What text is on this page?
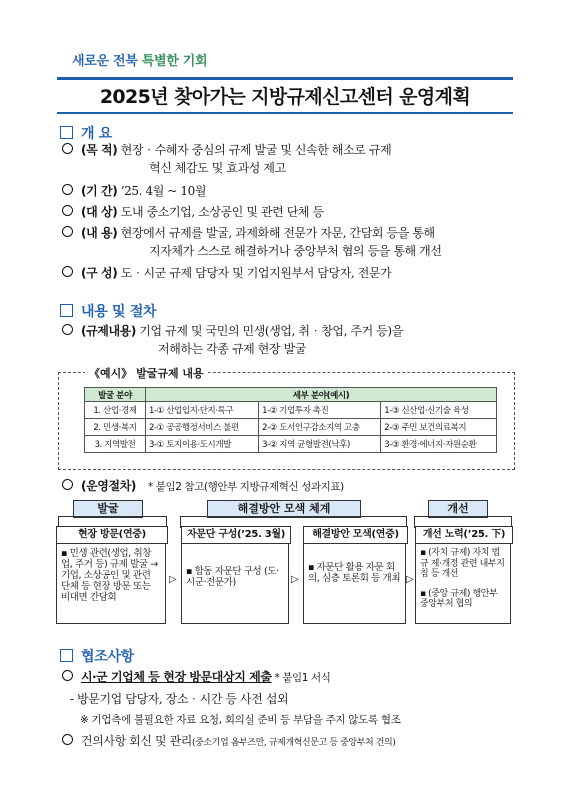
새로운 전북 특별한 기회
2025년 찾아가는 지방규제신고센터 운영계획
개 요
(목 적) 현장‧수혜자 중심의 규제 발굴 및 신속한 해소로 규제
혁신 체감도 및 효과성 제고
(기 간) ’25. 4월 ~ 10월
(대 상) 도내 중소기업, 소상공인 및 관련 단체 등
(내 용) 현장에서 규제를 발굴, 과제화해 전문가 자문, 간담회 등을 통해
지자체가 스스로 해결하거나 중앙부처 협의 등을 통해 개선
(구 성) 도‧시군 규제 담당자 및 기업지원부서 담당자, 전문가
내용 및 절차
(규제내용) 기업 규제 및 국민의 민생(생업, 취‧창업, 주거 등)을
저해하는 각종 규제 현장 발굴
《예시》 발굴규제 내용
발굴 분야	세부 분야(예시)		
1. 산업‧경제	1-① 산업입지‧단지‧특구	1-② 기업투자 촉진	1-③ 신산업‧신기술 육성
2. 민생‧복지	2-① 공공행정서비스 불편	2-② 도서인구감소지역 고충	2-③ 주민 보건의료복지
3. 지역발전	3-① 토지이용‧도시개발	3-② 지역 균형발전(낙후)	3-③ 환경‧에너지‧자원순환
(운영절차) * 붙임2 참고(행안부 지방규제혁신 성과지표)
발굴	해결방안 모색 체계	개선
현장 방문(연중)
▪ 민생 관련(생업, 취창업, 주거 등) 규제 발굴 → 기업, 소상공인 및 관련 단체 등 현장 방문 또는 비대면 간담회
▷
자문단 구성(’25. 3월)
▪ 합동 자문단 구성 (도‧시군‧전문가)	▷
해결방안 모색(연중)
▪ 자문단 활용 자문 회의, 심층 토론회 등 개최 ▷
개선 노력(’25. 下)
▪ (자치 규제) 자치 법규 제‧개정 관련 내부지침 등 개선
▪ (중앙 규제) 행안부 중앙부처 협의
협조사항
시‧군 기업체 등 현장 방문대상지 제출 * 붙임1 서식
- 방문기업 담당자, 장소‧시간 등 사전 섭외
※ 기업측에 불필요한 자료 요청, 회의실 준비 등 부담을 주지 않도록 협조
건의사항 회신 및 관리(중소기업 옴부즈만, 규제개혁신문고 등 중앙부처 건의)
